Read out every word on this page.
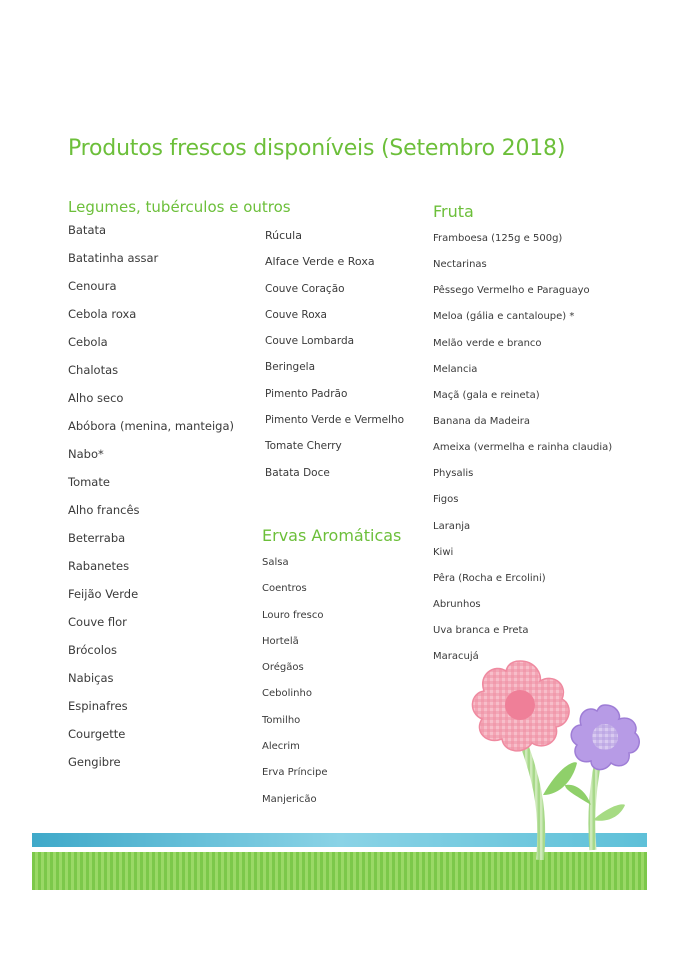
Produtos frescos disponíveis (Setembro 2018)
Legumes, tubérculos e outros
Ervas Aromáticas
Fruta
Batata
Batatinha assar
Cenoura
Cebola roxa
Cebola
Chalotas
Alho seco
Abóbora (menina, manteiga)
Nabo*
Tomate
Alho francês
Beterraba
Rabanetes
Feijão Verde
Couve flor
Brócolos
Nabiças
Espinafres
Courgette
Gengibre
Rúcula
Alface Verde e Roxa
Couve Coração
Couve Roxa
Couve Lombarda
Beringela
Pimento Padrão
Pimento Verde e Vermelho
Tomate Cherry
Batata Doce
Salsa
Coentros
Louro fresco
Hortelã
Orégãos
Cebolinho
Tomilho
Alecrim
Erva Príncipe
Manjericão
Framboesa (125g e 500g)
Nectarinas
Pêssego Vermelho e Paraguayo
Meloa (gália e cantaloupe) *
Melão verde e branco
Melancia
Maçã (gala e reineta)
Banana da Madeira
Ameixa (vermelha e rainha claudia)
Physalis
Figos
Laranja
Kiwi
Pêra (Rocha e Ercolini)
Abrunhos
Uva branca e Preta
Maracujá
